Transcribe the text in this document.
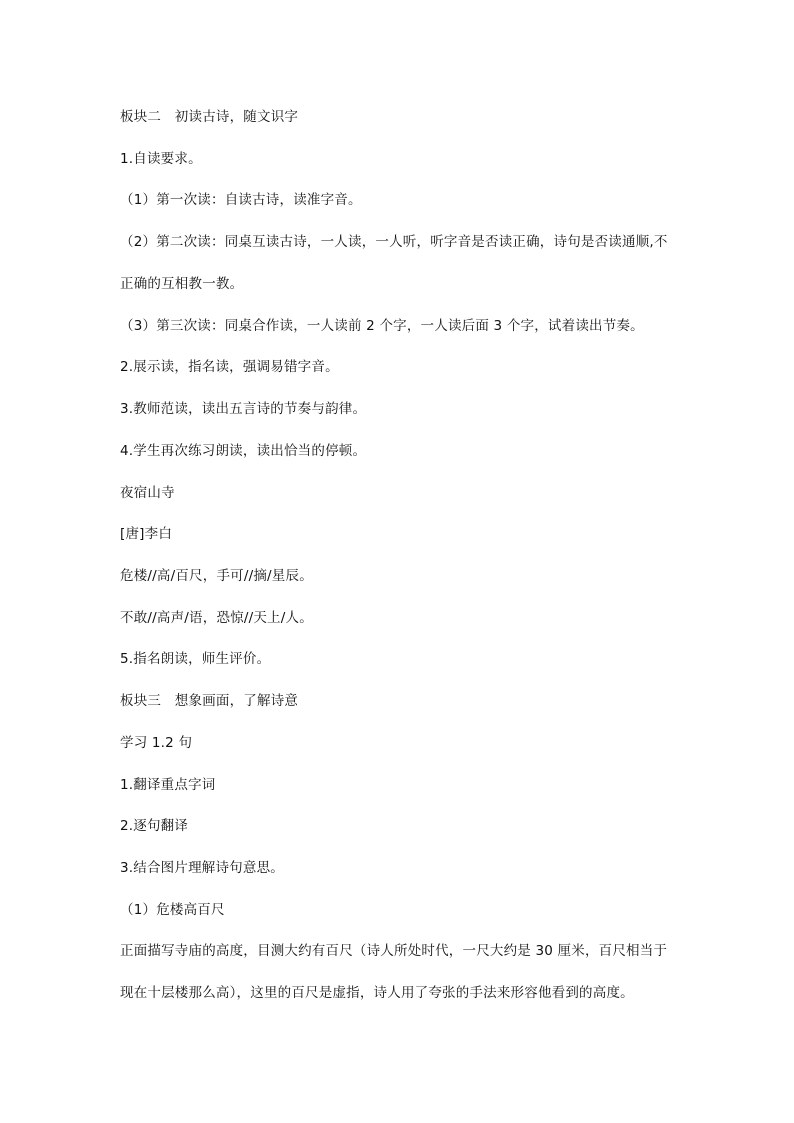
板块二　初读古诗，随文识字
1.自读要求。
（1）第一次读：自读古诗，读准字音。
（2）第二次读：同桌互读古诗，一人读，一人听，听字音是否读正确，诗句是否读通顺,不
正确的互相教一教。
（3）第三次读：同桌合作读，一人读前 2 个字，一人读后面 3 个字，试着读出节奏。
2.展示读，指名读，强调易错字音。
3.教师范读，读出五言诗的节奏与韵律。
4.学生再次练习朗读，读出恰当的停顿。
夜宿山寺
[唐]李白
危楼//高/百尺，手可//摘/星辰。
不敢//高声/语，恐惊//天上/人。
5.指名朗读，师生评价。
板块三　想象画面，了解诗意
学习 1.2 句
1.翻译重点字词
2.逐句翻译
3.结合图片理解诗句意思。
（1）危楼高百尺
正面描写寺庙的高度，目测大约有百尺（诗人所处时代，一尺大约是 30 厘米，百尺相当于
现在十层楼那么高），这里的百尺是虚指，诗人用了夸张的手法来形容他看到的高度。
